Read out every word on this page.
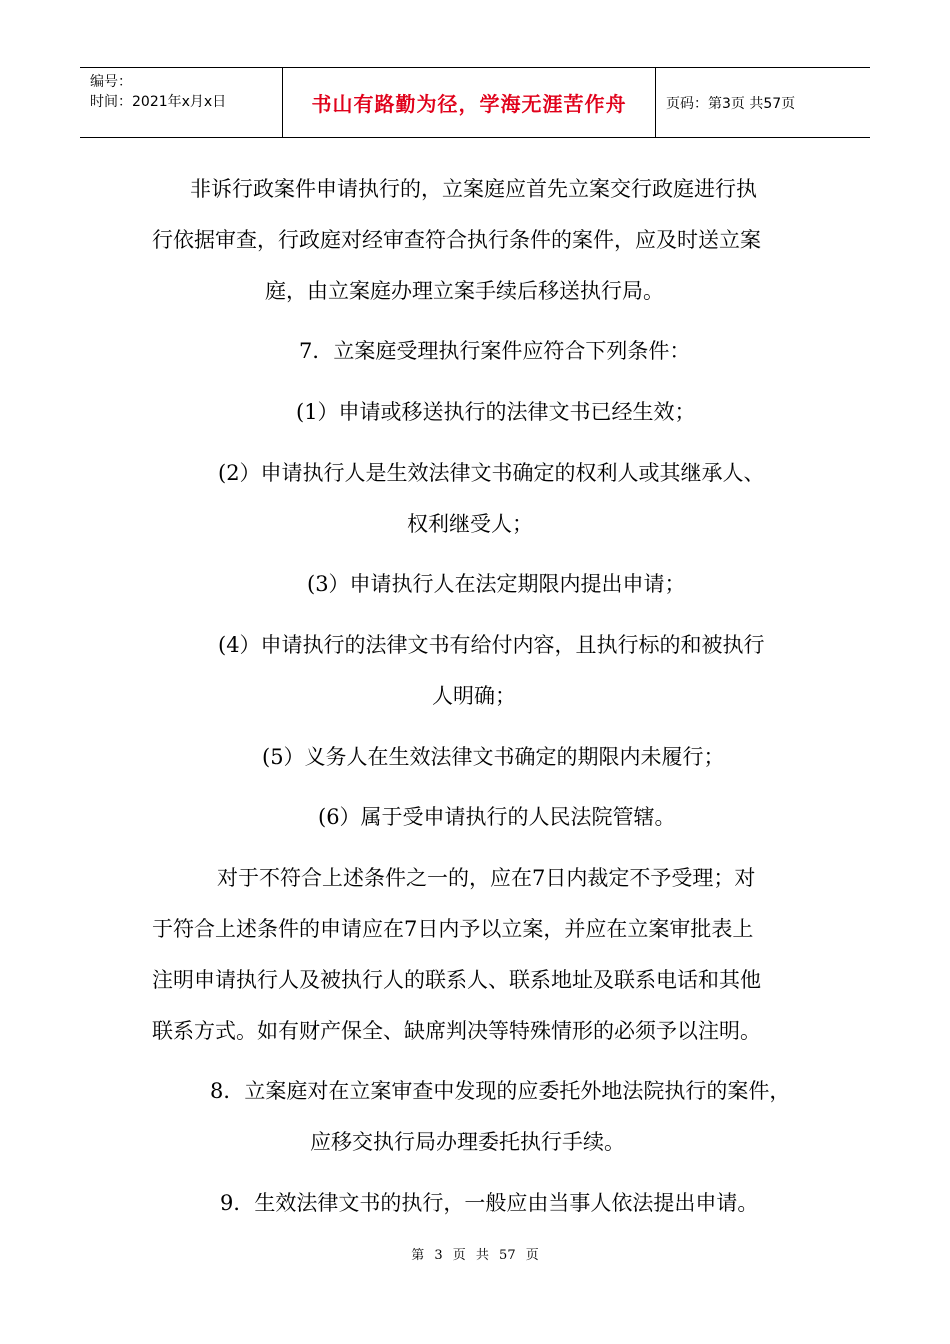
编号：
时间：2021年x月x日	书山有路勤为径，学海无涯苦作舟	页码：第3页 共57页
非诉行政案件申请执行的，立案庭应首先立案交行政庭进行执
行依据审查，行政庭对经审查符合执行条件的案件，应及时送立案
庭，由立案庭办理立案手续后移送执行局。
7．立案庭受理执行案件应符合下列条件：
(1）申请或移送执行的法律文书已经生效；
(2）申请执行人是生效法律文书确定的权利人或其继承人、
权利继受人；
(3）申请执行人在法定期限内提出申请；
(4）申请执行的法律文书有给付内容，且执行标的和被执行
人明确；
(5）义务人在生效法律文书确定的期限内未履行；
(6）属于受申请执行的人民法院管辖。
对于不符合上述条件之一的，应在7日内裁定不予受理；对
于符合上述条件的申请应在7日内予以立案，并应在立案审批表上
注明申请执行人及被执行人的联系人、联系地址及联系电话和其他
联系方式。如有财产保全、缺席判决等特殊情形的必须予以注明。
8．立案庭对在立案审查中发现的应委托外地法院执行的案件，
应移交执行局办理委托执行手续。
9．生效法律文书的执行，一般应由当事人依法提出申请。
第 3 页 共 57 页
